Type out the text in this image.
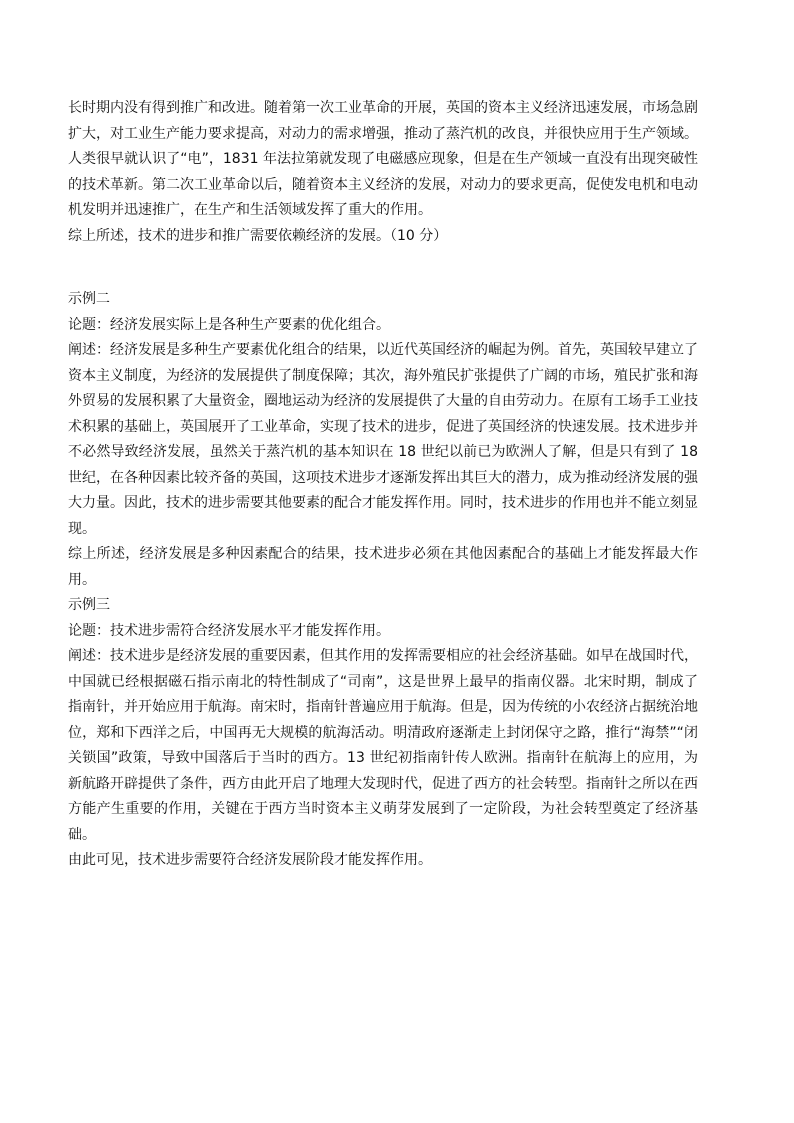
长时期内没有得到推广和改进。随着第一次工业革命的开展，英国的资本主义经济迅速发展，市场急剧扩大，对工业生产能力要求提高，对动力的需求增强，推动了蒸汽机的改良，并很快应用于生产领域。人类很早就认识了“电”，1831 年法拉第就发现了电磁感应现象，但是在生产领域一直没有出现突破性的技术革新。第二次工业革命以后，随着资本主义经济的发展，对动力的要求更高，促使发电机和电动机发明并迅速推广，在生产和生活领域发挥了重大的作用。

综上所述，技术的进步和推广需要依赖经济的发展。（10 分）

示例二

论题：经济发展实际上是各种生产要素的优化组合。

阐述：经济发展是多种生产要素优化组合的结果，以近代英国经济的崛起为例。首先，英国较早建立了资本主义制度，为经济的发展提供了制度保障；其次，海外殖民扩张提供了广阔的市场，殖民扩张和海外贸易的发展积累了大量资金，圈地运动为经济的发展提供了大量的自由劳动力。在原有工场手工业技术积累的基础上，英国展开了工业革命，实现了技术的进步，促进了英国经济的快速发展。技术进步并不必然导致经济发展，虽然关于蒸汽机的基本知识在 18 世纪以前已为欧洲人了解，但是只有到了 18 世纪，在各种因素比较齐备的英国，这项技术进步才逐渐发挥出其巨大的潜力，成为推动经济发展的强大力量。因此，技术的进步需要其他要素的配合才能发挥作用。同时，技术进步的作用也并不能立刻显现。

综上所述，经济发展是多种因素配合的结果，技术进步必须在其他因素配合的基础上才能发挥最大作用。

示例三

论题：技术进步需符合经济发展水平才能发挥作用。

阐述：技术进步是经济发展的重要因素，但其作用的发挥需要相应的社会经济基础。如早在战国时代，中国就已经根据磁石指示南北的特性制成了“司南”，这是世界上最早的指南仪器。北宋时期，制成了指南针，并开始应用于航海。南宋时，指南针普遍应用于航海。但是，因为传统的小农经济占据统治地位，郑和下西洋之后，中国再无大规模的航海活动。明清政府逐渐走上封闭保守之路，推行“海禁”“闭关锁国”政策，导致中国落后于当时的西方。13 世纪初指南针传人欧洲。指南针在航海上的应用，为新航路开辟提供了条件，西方由此开启了地理大发现时代，促进了西方的社会转型。指南针之所以在西方能产生重要的作用，关键在于西方当时资本主义萌芽发展到了一定阶段，为社会转型奠定了经济基础。

由此可见，技术进步需要符合经济发展阶段才能发挥作用。
